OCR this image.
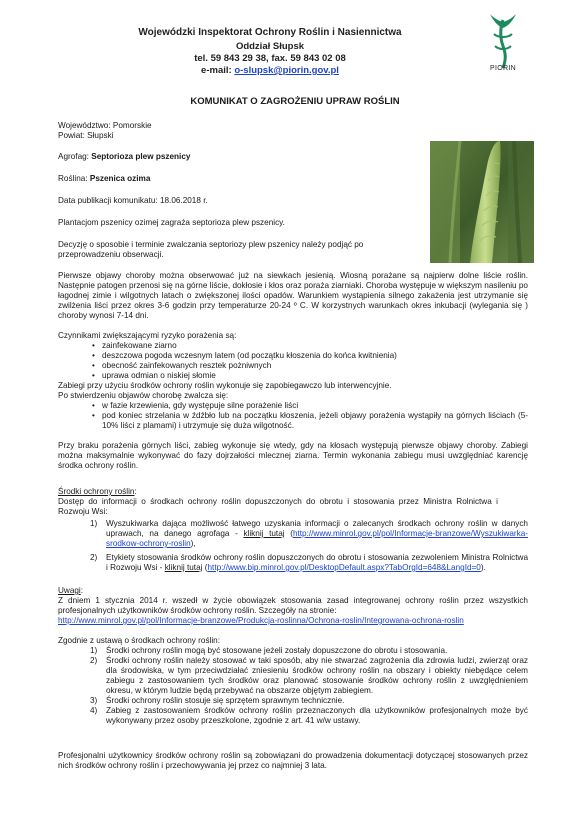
Wojewódzki Inspektorat Ochrony Roślin i Nasiennictwa
Oddział Słupsk
tel. 59 843 29 38, fax. 59 843 02 08
e-mail: o-slupsk@piorin.gov.pl	PIORIN
KOMUNIKAT O ZAGROŻENIU UPRAW ROŚLIN
Województwo: Pomorskie
Powiat: Słupski
Agrofag: Septorioza plew pszenicy
Roślina: Pszenica ozima
Data publikacji komunikatu: 18.06.2018 r.
Plantacjom pszenicy ozimej zagraża septorioza plew pszenicy.
Decyzję o sposobie i terminie zwalczania septoriozy plew pszenicy należy podjąć po przeprowadzeniu obserwacji.
Pierwsze objawy choroby można obserwować już na siewkach jesienią. Wiosną porażane są najpierw dolne liście roślin. Następnie patogen przenosi się na górne liście, dokłosie i kłos oraz poraża ziarniaki. Choroba występuje w większym nasileniu po łagodnej zimie i wilgotnych latach o zwiększonej ilości opadów. Warunkiem wystąpienia silnego zakażenia jest utrzymanie się zwilżenia liści przez okres 3-6 godzin przy temperaturze 20-24 º C. W korzystnych warunkach okres inkubacji (wylegania się ) choroby wynosi 7-14 dni.
Czynnikami zwiększającymi ryzyko porażenia są:
• zainfekowane ziarno
• deszczowa pogoda wczesnym latem (od początku kłoszenia do końca kwitnienia)
• obecność zainfekowanych resztek pożniwnych
• uprawa odmian o niskiej słomie
Zabiegi przy użyciu środków ochrony roślin wykonuje się zapobiegawczo lub interwencyjnie.
Po stwierdzeniu objawów chorobę zwalcza się:
• w fazie krzewienia, gdy występuje silne porażenie liści
• pod koniec strzelania w źdźbło lub na początku kłoszenia, jeżeli objawy porażenia wystąpiły na górnych liściach (5-10% liści z plamami) i utrzymuje się duża wilgotność.
Przy braku porażenia górnych liści, zabieg wykonuje się wtedy, gdy na kłosach występują pierwsze objawy choroby. Zabiegi można maksymalnie wykonywać do fazy dojrzałości mlecznej ziarna. Termin wykonania zabiegu musi uwzględniać karencję środka ochrony roślin.
Środki ochrony roślin:
Dostęp do informacji o środkach ochrony roślin dopuszczonych do obrotu i stosowania przez Ministra Rolnictwa i Rozwoju Wsi:
1) Wyszukiwarka dająca możliwość łatwego uzyskania informacji o zalecanych środkach ochrony roślin w danych uprawach, na danego agrofaga - kliknij tutaj (http://www.minrol.gov.pl/pol/Informacje-branzowe/Wyszukiwarka-srodkow-ochrony-roslin),
2) Etykiety stosowania środków ochrony roślin dopuszczonych do obrotu i stosowania zezwoleniem Ministra Rolnictwa i Rozwoju Wsi - kliknij tutaj (http://www.bip.minrol.gov.pl/DesktopDefault.aspx?TabOrgId=648&LangId=0).
Uwagi:
Z dniem 1 stycznia 2014 r. wszedł w życie obowiązek stosowania zasad integrowanej ochrony roślin przez wszystkich profesjonalnych użytkowników środków ochrony roślin. Szczegóły na stronie:
http://www.minrol.gov.pl/pol/Informacje-branzowe/Produkcja-roslinna/Ochrona-roslin/Integrowana-ochrona-roslin
Zgodnie z ustawą o środkach ochrony roślin:
1) Środki ochrony roślin mogą być stosowane jeżeli zostały dopuszczone do obrotu i stosowania.
2) Środki ochrony roślin należy stosować w taki sposób, aby nie stwarzać zagrożenia dla zdrowia ludzi, zwierząt oraz dla środowiska, w tym przeciwdziałać zniesieniu środków ochrony roślin na obszary i obiekty niebędące celem zabiegu z zastosowaniem tych środków oraz planować stosowanie środków ochrony roślin z uwzględnieniem okresu, w którym ludzie będą przebywać na obszarze objętym zabiegiem.
3) Środki ochrony roślin stosuje się sprzętem sprawnym technicznie.
4) Zabieg z zastosowaniem środków ochrony roślin przeznaczonych dla użytkowników profesjonalnych może być wykonywany przez osoby przeszkolone, zgodnie z art. 41 w/w ustawy.
Profesjonalni użytkownicy środków ochrony roślin są zobowiązani do prowadzenia dokumentacji dotyczącej stosowanych przez nich środków ochrony roślin i przechowywania jej przez co najmniej 3 lata.
